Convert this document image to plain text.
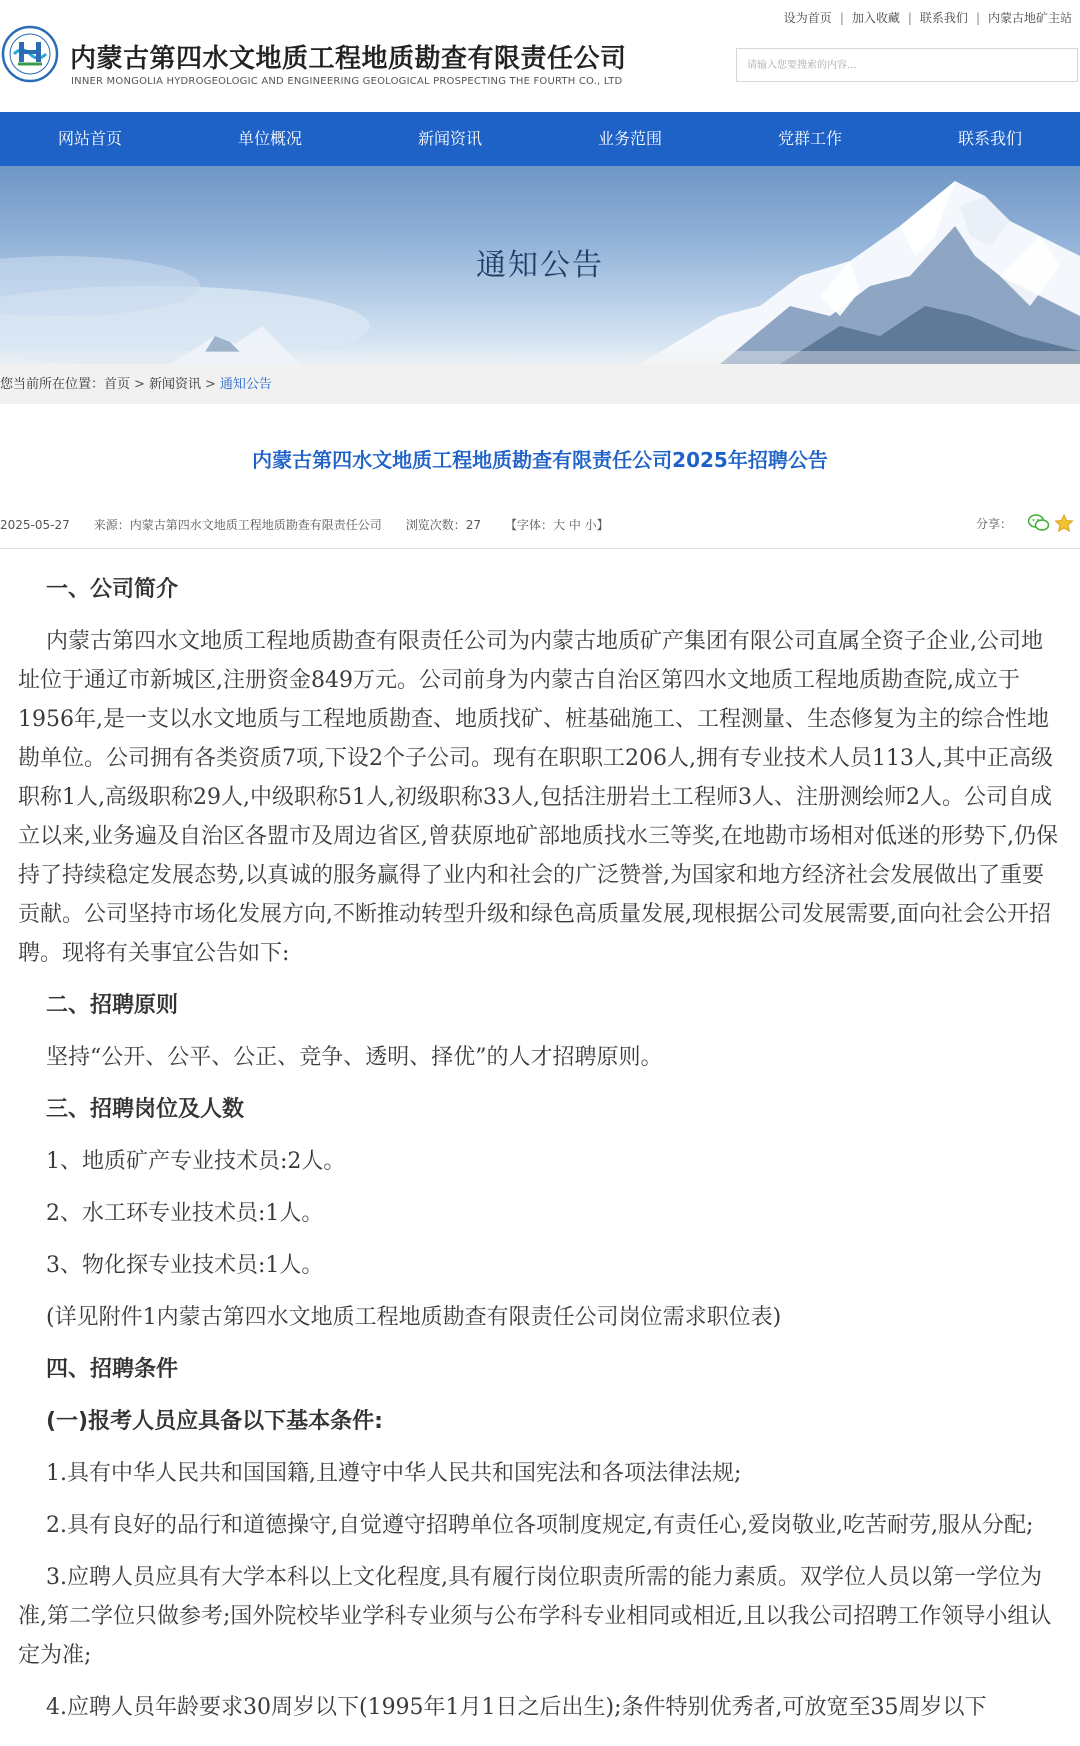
内蒙古第四水文地质工程地质勘查有限责任公司
INNER MONGOLIA HYDROGEOLOGIC AND ENGINEERING GEOLOGICAL PROSPECTING THE FOURTH CO., LTD
设为首页 | 加入收藏 | 联系我们 | 内蒙古地矿主站
请输入您要搜索的内容...
网站首页	单位概况	新闻资讯	业务范围	党群工作	联系我们
通知公告
您当前所在位置：首页 > 新闻资讯 > 通知公告
内蒙古第四水文地质工程地质勘查有限责任公司2025年招聘公告
2025-05-27 来源：内蒙古第四水文地质工程地质勘查有限责任公司 浏览次数：27 【字体：大 中 小】	分享：

一、公司简介

内蒙古第四水文地质工程地质勘查有限责任公司为内蒙古地质矿产集团有限公司直属全资子企业,公司地址位于通辽市新城区,注册资金849万元。公司前身为内蒙古自治区第四水文地质工程地质勘查院,成立于1956年,是一支以水文地质与工程地质勘查、地质找矿、桩基础施工、工程测量、生态修复为主的综合性地勘单位。公司拥有各类资质7项,下设2个子公司。现有在职职工206人,拥有专业技术人员113人,其中正高级职称1人,高级职称29人,中级职称51人,初级职称33人,包括注册岩土工程师3人、注册测绘师2人。公司自成立以来,业务遍及自治区各盟市及周边省区,曾获原地矿部地质找水三等奖,在地勘市场相对低迷的形势下,仍保持了持续稳定发展态势,以真诚的服务赢得了业内和社会的广泛赞誉,为国家和地方经济社会发展做出了重要贡献。公司坚持市场化发展方向,不断推动转型升级和绿色高质量发展,现根据公司发展需要,面向社会公开招聘。现将有关事宜公告如下:

二、招聘原则

坚持“公开、公平、公正、竞争、透明、择优”的人才招聘原则。

三、招聘岗位及人数

1、地质矿产专业技术员:2人。

2、水工环专业技术员:1人。

3、物化探专业技术员:1人。

(详见附件1内蒙古第四水文地质工程地质勘查有限责任公司岗位需求职位表)

四、招聘条件

(一)报考人员应具备以下基本条件:

1.具有中华人民共和国国籍,且遵守中华人民共和国宪法和各项法律法规;

2.具有良好的品行和道德操守,自觉遵守招聘单位各项制度规定,有责任心,爱岗敬业,吃苦耐劳,服从分配;

3.应聘人员应具有大学本科以上文化程度,具有履行岗位职责所需的能力素质。双学位人员以第一学位为准,第二学位只做参考;国外院校毕业学科专业须与公布学科专业相同或相近,且以我公司招聘工作领导小组认定为准;

4.应聘人员年龄要求30周岁以下(1995年1月1日之后出生);条件特别优秀者,可放宽至35周岁以下
